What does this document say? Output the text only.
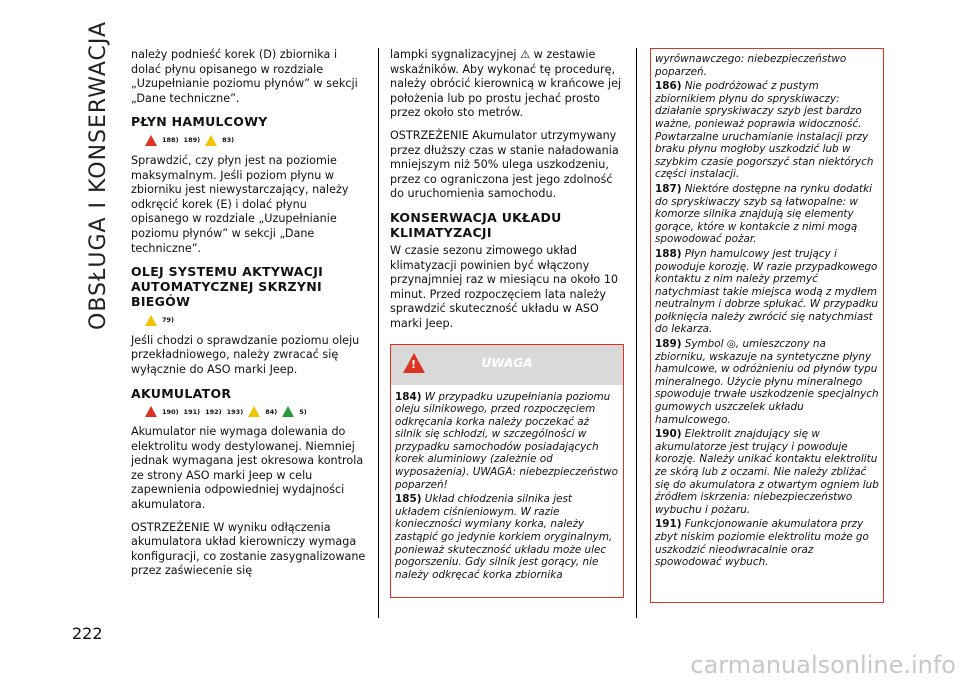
OBSŁUGA I KONSERWACJA
222

należy podnieść korek (D) zbiornika i dolać płynu opisanego w rozdziale „Uzupełnianie poziomu płynów” w sekcji „Dane techniczne”.

PŁYN HAMULCOWY
188) 189)	83)

Sprawdzić, czy płyn jest na poziomie maksymalnym. Jeśli poziom płynu w zbiorniku jest niewystarczający, należy odkręcić korek (E) i dolać płynu opisanego w rozdziale „Uzupełnianie poziomu płynów” w sekcji „Dane techniczne”.

OLEJ SYSTEMU AKTYWACJI AUTOMATYCZNEJ SKRZYNI BIEGÓW
79)

Jeśli chodzi o sprawdzanie poziomu oleju przekładniowego, należy zwracać się wyłącznie do ASO marki Jeep.

AKUMULATOR
190) 191) 192) 193)	84)	5)

Akumulator nie wymaga dolewania do elektrolitu wody destylowanej. Niemniej jednak wymagana jest okresowa kontrola ze strony ASO marki Jeep w celu zapewnienia odpowiedniej wydajności akumulatora.

OSTRZEŻENIE W wyniku odłączenia akumulatora układ kierowniczy wymaga konfiguracji, co zostanie zasygnalizowane przez zaświecenie się

lampki sygnalizacyjnej ⚠ w zestawie wskaźników. Aby wykonać tę procedurę, należy obrócić kierownicą w krańcowe jej położenia lub po prostu jechać prosto przez około sto metrów.

OSTRZEŻENIE Akumulator utrzymywany przez dłuższy czas w stanie naładowania mniejszym niż 50% ulega uszkodzeniu, przez co ograniczona jest jego zdolność do uruchomienia samochodu.

KONSERWACJA UKŁADU KLIMATYZACJI

W czasie sezonu zimowego układ klimatyzacji powinien być włączony przynajmniej raz w miesiącu na około 10 minut. Przed rozpoczęciem lata należy sprawdzić skuteczność układu w ASO marki Jeep.

!	UWAGA

184) W przypadku uzupełniania poziomu oleju silnikowego, przed rozpoczęciem odkręcania korka należy poczekać aż silnik się schłodzi, w szczególności w przypadku samochodów posiadających korek aluminiowy (zależnie od wyposażenia). UWAGA: niebezpieczeństwo poparzeń!

185) Układ chłodzenia silnika jest układem ciśnieniowym. W razie konieczności wymiany korka, należy zastąpić go jedynie korkiem oryginalnym, ponieważ skuteczność układu może ulec pogorszeniu. Gdy silnik jest gorący, nie należy odkręcać korka zbiornika

wyrównawczego: niebezpieczeństwo poparzeń.

186) Nie podróżować z pustym zbiornikiem płynu do spryskiwaczy: działanie spryskiwaczy szyb jest bardzo ważne, ponieważ poprawia widoczność. Powtarzalne uruchamianie instalacji przy braku płynu mogłoby uszkodzić lub w szybkim czasie pogorszyć stan niektórych części instalacji.

187) Niektóre dostępne na rynku dodatki do spryskiwaczy szyb są łatwopalne: w komorze silnika znajdują się elementy gorące, które w kontakcie z nimi mogą spowodować pożar.

188) Płyn hamulcowy jest trujący i powoduje korozję. W razie przypadkowego kontaktu z nim należy przemyć natychmiast takie miejsca wodą z mydłem neutralnym i dobrze spłukać. W przypadku połknięcia należy zwrócić się natychmiast do lekarza.

189) Symbol ◎, umieszczony na zbiorniku, wskazuje na syntetyczne płyny hamulcowe, w odróżnieniu od płynów typu mineralnego. Użycie płynu mineralnego spowoduje trwałe uszkodzenie specjalnych gumowych uszczelek układu hamulcowego.

190) Elektrolit znajdujący się w akumulatorze jest trujący i powoduje korozję. Należy unikać kontaktu elektrolitu ze skórą lub z oczami. Nie należy zbliżać się do akumulatora z otwartym ogniem lub źródłem iskrzenia: niebezpieczeństwo wybuchu i pożaru.

191) Funkcjonowanie akumulatora przy zbyt niskim poziomie elektrolitu może go uszkodzić nieodwracalnie oraz spowodować wybuch.

carmanualsonline.info
